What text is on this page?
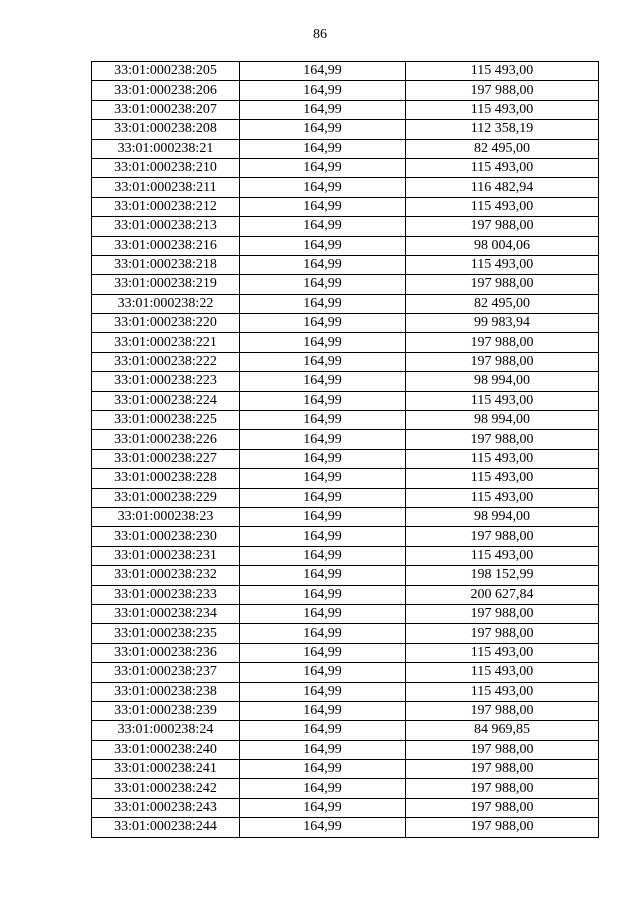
86
33:01:000238:205	164,99	115 493,00
33:01:000238:206	164,99	197 988,00
33:01:000238:207	164,99	115 493,00
33:01:000238:208	164,99	112 358,19
33:01:000238:21	164,99	82 495,00
33:01:000238:210	164,99	115 493,00
33:01:000238:211	164,99	116 482,94
33:01:000238:212	164,99	115 493,00
33:01:000238:213	164,99	197 988,00
33:01:000238:216	164,99	98 004,06
33:01:000238:218	164,99	115 493,00
33:01:000238:219	164,99	197 988,00
33:01:000238:22	164,99	82 495,00
33:01:000238:220	164,99	99 983,94
33:01:000238:221	164,99	197 988,00
33:01:000238:222	164,99	197 988,00
33:01:000238:223	164,99	98 994,00
33:01:000238:224	164,99	115 493,00
33:01:000238:225	164,99	98 994,00
33:01:000238:226	164,99	197 988,00
33:01:000238:227	164,99	115 493,00
33:01:000238:228	164,99	115 493,00
33:01:000238:229	164,99	115 493,00
33:01:000238:23	164,99	98 994,00
33:01:000238:230	164,99	197 988,00
33:01:000238:231	164,99	115 493,00
33:01:000238:232	164,99	198 152,99
33:01:000238:233	164,99	200 627,84
33:01:000238:234	164,99	197 988,00
33:01:000238:235	164,99	197 988,00
33:01:000238:236	164,99	115 493,00
33:01:000238:237	164,99	115 493,00
33:01:000238:238	164,99	115 493,00
33:01:000238:239	164,99	197 988,00
33:01:000238:24	164,99	84 969,85
33:01:000238:240	164,99	197 988,00
33:01:000238:241	164,99	197 988,00
33:01:000238:242	164,99	197 988,00
33:01:000238:243	164,99	197 988,00
33:01:000238:244	164,99	197 988,00
